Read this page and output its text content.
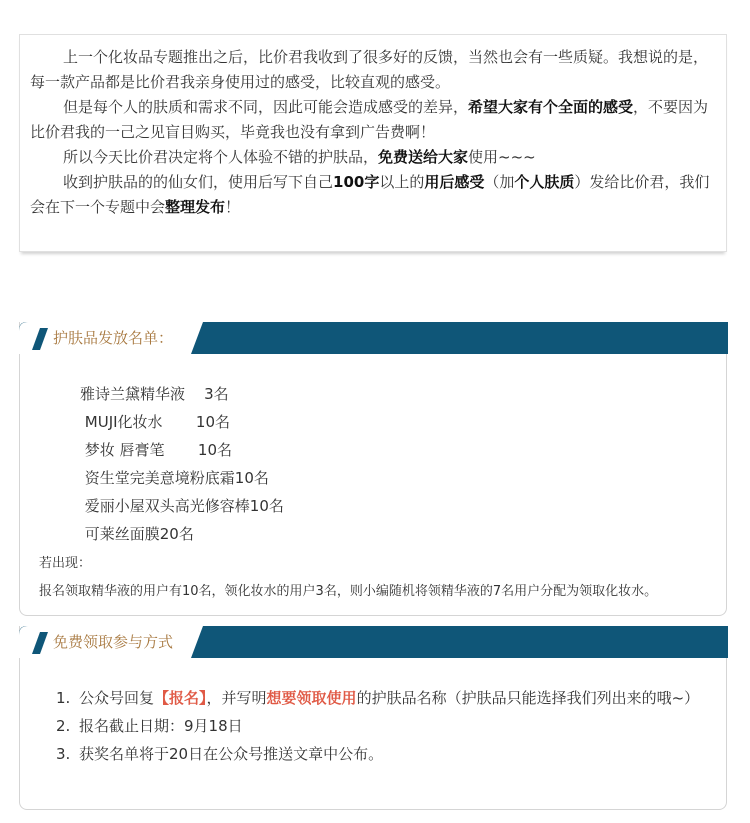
上一个化妆品专题推出之后，比价君我收到了很多好的反馈，当然也会有一些质疑。我想说的是，每一款产品都是比价君我亲身使用过的感受，比较直观的感受。

但是每个人的肤质和需求不同，因此可能会造成感受的差异，希望大家有个全面的感受，不要因为比价君我的一己之见盲目购买，毕竟我也没有拿到广告费啊！

所以今天比价君决定将个人体验不错的护肤品，免费送给大家使用~~~

收到护肤品的的仙女们，使用后写下自己100字以上的用后感受（加个人肤质）发给比价君，我们会在下一个专题中会整理发布！

护肤品发放名单：
雅诗兰黛精华液    3名
MUJI化妆水       10名
梦妆 唇膏笔       10名
资生堂完美意境粉底霜10名
爱丽小屋双头高光修容棒10名
可莱丝面膜20名
若出现：
报名领取精华液的用户有10名，领化妆水的用户3名，则小编随机将领精华液的7名用户分配为领取化妆水。
免费领取参与方式
1. 公众号回复【报名】，并写明想要领取使用的护肤品名称（护肤品只能选择我们列出来的哦~）
2. 报名截止日期：9月18日
3. 获奖名单将于20日在公众号推送文章中公布。
